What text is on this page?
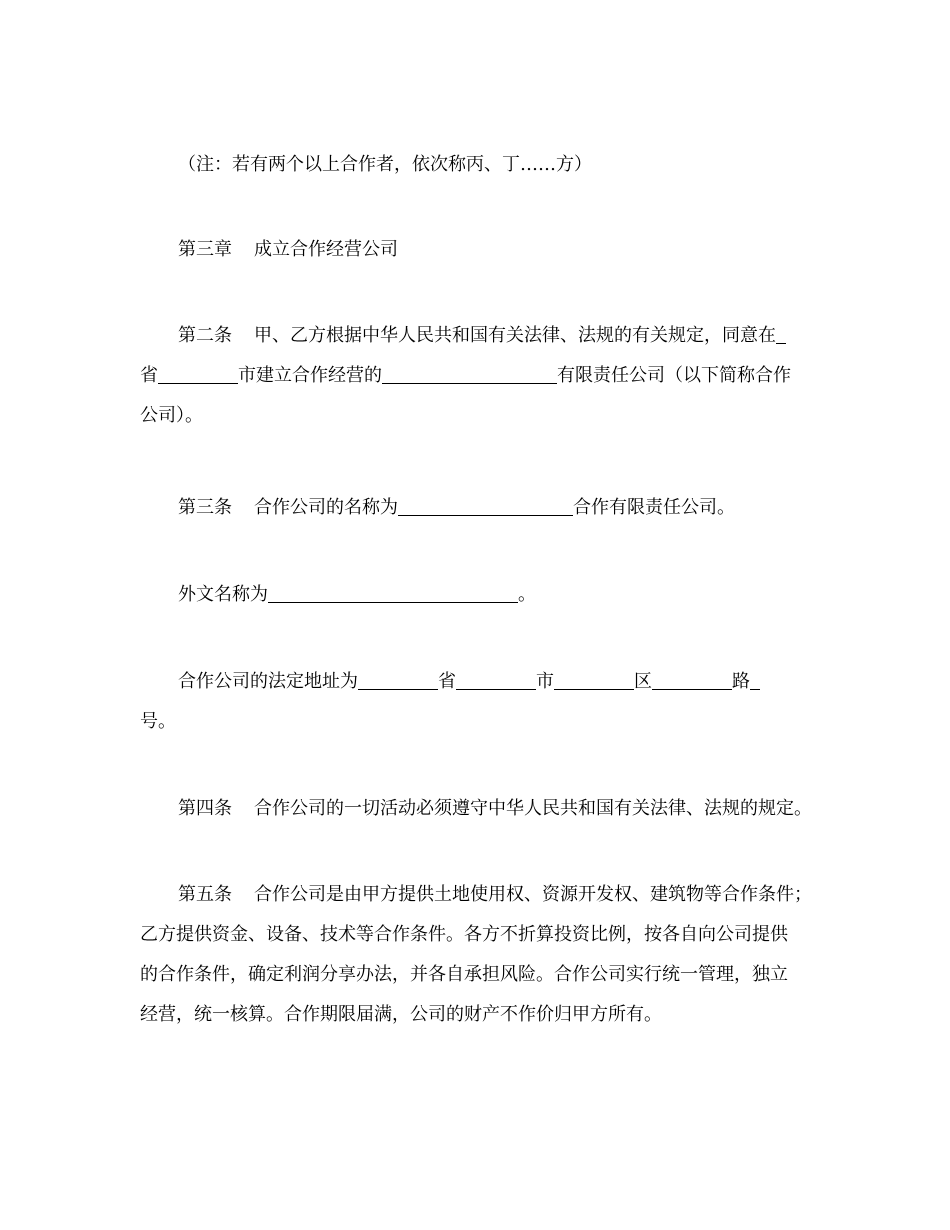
（注：若有两个以上合作者，依次称丙、丁……方）

第三章 成立合作经营公司

第二条 甲、乙方根据中华人民共和国有关法律、法规的有关规定，同意在
省	市建立合作经营的	有限责任公司（以下简称合作
公司）。

第三条 合作公司的名称为	合作有限责任公司。

外文名称为	。

合作公司的法定地址为	省	市	区	路
号。

第四条 合作公司的一切活动必须遵守中华人民共和国有关法律、法规的规定。

第五条 合作公司是由甲方提供土地使用权、资源开发权、建筑物等合作条件；
乙方提供资金、设备、技术等合作条件。各方不折算投资比例，按各自向公司提供
的合作条件，确定利润分享办法，并各自承担风险。合作公司实行统一管理，独立
经营，统一核算。合作期限届满，公司的财产不作价归甲方所有。
